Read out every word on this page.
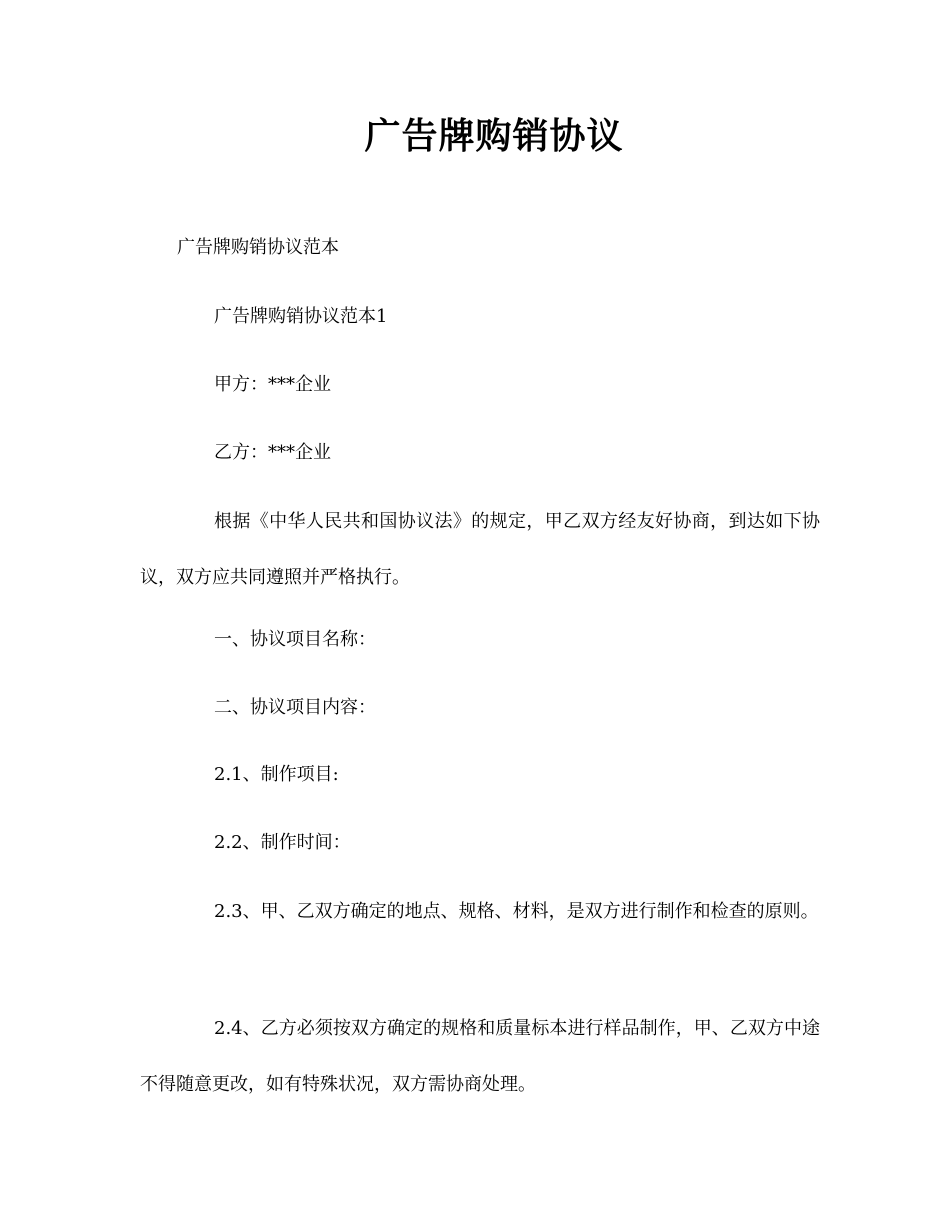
广告牌购销协议
广告牌购销协议范本
广告牌购销协议范本1
甲方：***企业
乙方：***企业

根据《中华人民共和国协议法》的规定，甲乙双方经友好协商，到达如下协议，双方应共同遵照并严格执行。

一、协议项目名称：
二、协议项目内容：
2.1、制作项目:
2.2、制作时间：

2.3、甲、乙双方确定的地点、规格、材料，是双方进行制作和检查的原则。

2.4、乙方必须按双方确定的规格和质量标本进行样品制作，甲、乙双方中途不得随意更改，如有特殊状况，双方需协商处理。
